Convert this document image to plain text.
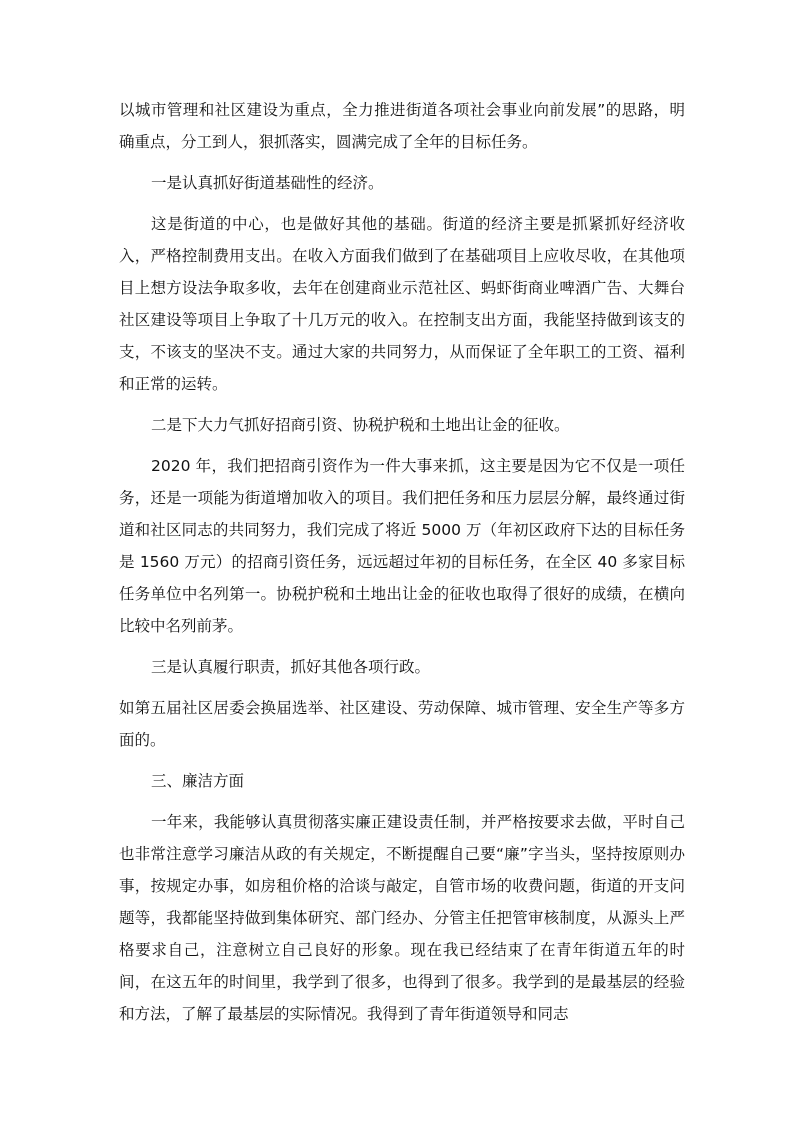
以城市管理和社区建设为重点，全力推进街道各项社会事业向前发展”的思路，明确重点，分工到人，狠抓落实，圆满完成了全年的目标任务。

一是认真抓好街道基础性的经济。

这是街道的中心，也是做好其他的基础。街道的经济主要是抓紧抓好经济收入，严格控制费用支出。在收入方面我们做到了在基础项目上应收尽收，在其他项目上想方设法争取多收，去年在创建商业示范社区、蚂虾街商业啤酒广告、大舞台社区建设等项目上争取了十几万元的收入。在控制支出方面，我能坚持做到该支的支，不该支的坚决不支。通过大家的共同努力，从而保证了全年职工的工资、福利和正常的运转。

二是下大力气抓好招商引资、协税护税和土地出让金的征收。

2020 年，我们把招商引资作为一件大事来抓，这主要是因为它不仅是一项任务，还是一项能为街道增加收入的项目。我们把任务和压力层层分解，最终通过街道和社区同志的共同努力，我们完成了将近 5000 万（年初区政府下达的目标任务是 1560 万元）的招商引资任务，远远超过年初的目标任务，在全区 40 多家目标任务单位中名列第一。协税护税和土地出让金的征收也取得了很好的成绩，在横向比较中名列前茅。

三是认真履行职责，抓好其他各项行政。

如第五届社区居委会换届选举、社区建设、劳动保障、城市管理、安全生产等多方面的。

三、廉洁方面

一年来，我能够认真贯彻落实廉正建设责任制，并严格按要求去做，平时自己也非常注意学习廉洁从政的有关规定，不断提醒自己要“廉”字当头，坚持按原则办事，按规定办事，如房租价格的洽谈与敲定，自管市场的收费问题，街道的开支问题等，我都能坚持做到集体研究、部门经办、分管主任把管审核制度，从源头上严格要求自己，注意树立自己良好的形象。现在我已经结束了在青年街道五年的时间，在这五年的时间里，我学到了很多，也得到了很多。我学到的是最基层的经验和方法，了解了最基层的实际情况。我得到了青年街道领导和同志
